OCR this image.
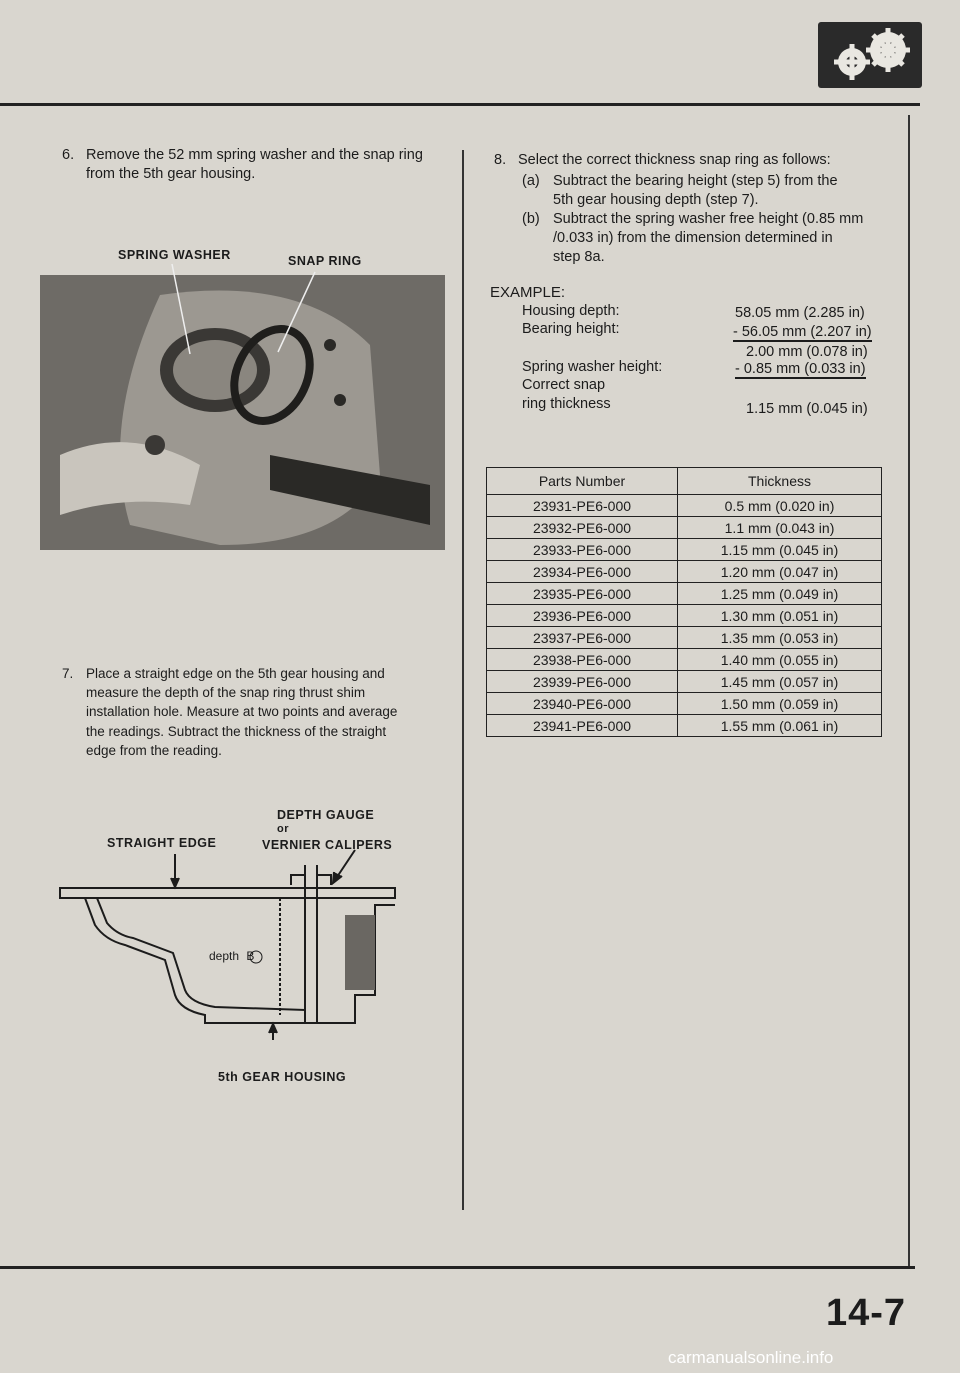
6. Remove the 52 mm spring washer and the snap ring
from the 5th gear housing.
SPRING WASHER	SNAP RING
7. Place a straight edge on the 5th gear housing and
measure the depth of the snap ring thrust shim
installation hole. Measure at two points and average
the readings. Subtract the thickness of the straight
edge from the reading.
DEPTH GAUGE
or
STRAIGHT EDGE	VERNIER CALIPERS
depth B
5th GEAR HOUSING
8. Select the correct thickness snap ring as follows:
(a) Subtract the bearing height (step 5) from the
5th gear housing depth (step 7).
(b) Subtract the spring washer free height (0.85 mm
/0.033 in) from the dimension determined in
step 8a.
EXAMPLE:
Housing depth:	58.05 mm (2.285 in)
Bearing height:	- 56.05 mm (2.207 in)
2.00 mm (0.078 in)
Spring washer height:	- 0.85 mm (0.033 in)
Correct snap
ring thickness	1.15 mm (0.045 in)
Parts Number	Thickness
23931-PE6-000	0.5 mm (0.020 in)
23932-PE6-000	1.1 mm (0.043 in)
23933-PE6-000	1.15 mm (0.045 in)
23934-PE6-000	1.20 mm (0.047 in)
23935-PE6-000	1.25 mm (0.049 in)
23936-PE6-000	1.30 mm (0.051 in)
23937-PE6-000	1.35 mm (0.053 in)
23938-PE6-000	1.40 mm (0.055 in)
23939-PE6-000	1.45 mm (0.057 in)
23940-PE6-000	1.50 mm (0.059 in)
23941-PE6-000	1.55 mm (0.061 in)
14-7
carmanualsonline.info
